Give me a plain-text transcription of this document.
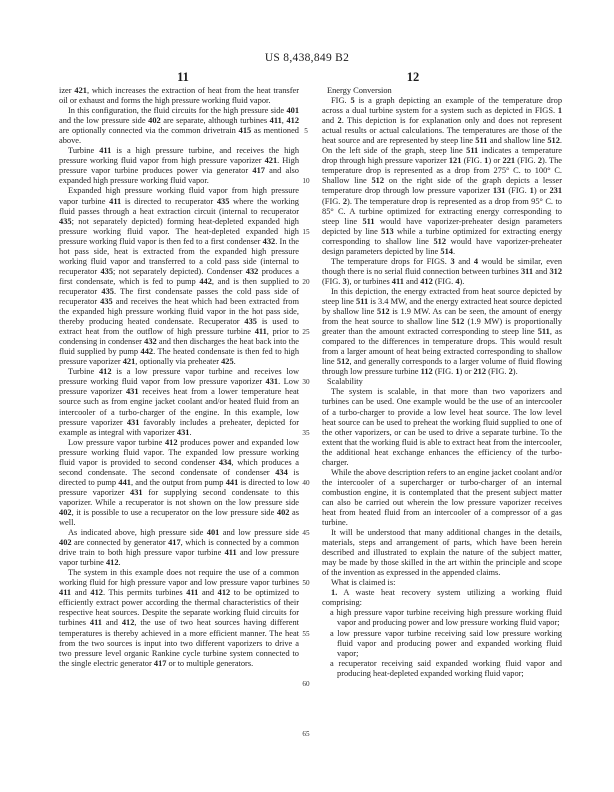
US 8,438,849 B2
11	12
5
10
15
20
25
30
35
40
45
50
55
60
65

izer 421, which increases the extraction of heat from the heat transfer oil or exhaust and forms the high pressure working fluid vapor.

In this configuration, the fluid circuits for the high pressure side 401 and the low pressure side 402 are separate, although turbines 411, 412 are optionally connected via the common drivetrain 415 as mentioned above.

Turbine 411 is a high pressure turbine, and receives the high pressure working fluid vapor from high pressure vaporizer 421. High pressure vapor turbine produces power via generator 417 and also expanded high pressure working fluid vapor.

Expanded high pressure working fluid vapor from high pressure vapor turbine 411 is directed to recuperator 435 where the working fluid passes through a heat extraction circuit (internal to recuperator 435; not separately depicted) forming heat-depleted expanded high pressure working fluid vapor. The heat-depleted expanded high pressure working fluid vapor is then fed to a first condenser 432. In the hot pass side, heat is extracted from the expanded high pressure working fluid vapor and transferred to a cold pass side (internal to recuperator 435; not separately depicted). Condenser 432 produces a first condensate, which is fed to pump 442, and is then supplied to recuperator 435. The first condensate passes the cold pass side of recuperator 435 and receives the heat which had been extracted from the expanded high pressure working fluid vapor in the hot pass side, thereby producing heated condensate. Recuperator 435 is used to extract heat from the outflow of high pressure turbine 411, prior to condensing in condenser 432 and then discharges the heat back into the fluid supplied by pump 442. The heated condensate is then fed to high pressure vaporizer 421, optionally via preheater 425.

Turbine 412 is a low pressure vapor turbine and receives low pressure working fluid vapor from low pressure vaporizer 431. Low pressure vaporizer 431 receives heat from a lower temperature heat source such as from engine jacket coolant and/or heated fluid from an intercooler of a turbo-charger of the engine. In this example, low pressure vaporizer 431 favorably includes a preheater, depicted for example as integral with vaporizer 431.

Low pressure vapor turbine 412 produces power and expanded low pressure working fluid vapor. The expanded low pressure working fluid vapor is provided to second condenser 434, which produces a second condensate. The second condensate of condenser 434 is directed to pump 441, and the output from pump 441 is directed to low pressure vaporizer 431 for supplying second condensate to this vaporizer. While a recuperator is not shown on the low pressure side 402, it is possible to use a recuperator on the low pressure side 402 as well.

As indicated above, high pressure side 401 and low pressure side 402 are connected by generator 417, which is connected by a common drive train to both high pressure vapor turbine 411 and low pressure vapor turbine 412.

The system in this example does not require the use of a common working fluid for high pressure vapor and low pressure vapor turbines 411 and 412. This permits turbines 411 and 412 to be optimized to efficiently extract power according the thermal characteristics of their respective heat sources. Despite the separate working fluid circuits for turbines 411 and 412, the use of two heat sources having different temperatures is thereby achieved in a more efficient manner. The heat from the two sources is input into two different vaporizers to drive a two pressure level organic Rankine cycle turbine system connected to the single electric generator 417 or to multiple generators.

Energy Conversion

FIG. 5 is a graph depicting an example of the temperature drop across a dual turbine system for a system such as depicted in FIGS. 1 and 2. This depiction is for explanation only and does not represent actual results or actual calculations. The temperatures are those of the heat source and are represented by steep line 511 and shallow line 512. On the left side of the graph, steep line 511 indicates a temperature drop through high pressure vaporizer 121 (FIG. 1) or 221 (FIG. 2). The temperature drop is represented as a drop from 275° C. to 100° C. Shallow line 512 on the right side of the graph depicts a lesser temperature drop through low pressure vaporizer 131 (FIG. 1) or 231 (FIG. 2). The temperature drop is represented as a drop from 95° C. to 85° C. A turbine optimized for extracting energy corresponding to steep line 511 would have vaporizer-preheater design parameters depicted by line 513 while a turbine optimized for extracting energy corresponding to shallow line 512 would have vaporizer-preheater design parameters depicted by line 514.

The temperature drops for FIGS. 3 and 4 would be similar, even though there is no serial fluid connection between turbines 311 and 312 (FIG. 3), or turbines 411 and 412 (FIG. 4).

In this depiction, the energy extracted from heat source depicted by steep line 511 is 3.4 MW, and the energy extracted heat source depicted by shallow line 512 is 1.9 MW. As can be seen, the amount of energy from the heat source to shallow line 512 (1.9 MW) is proportionally greater than the amount extracted corresponding to steep line 511, as compared to the differences in temperature drops. This would result from a larger amount of heat being extracted corresponding to shallow line 512, and generally corresponds to a larger volume of fluid flowing through low pressure turbine 112 (FIG. 1) or 212 (FIG. 2).

Scalability

The system is scalable, in that more than two vaporizers and turbines can be used. One example would be the use of an intercooler of a turbo-charger to provide a low level heat source. The low level heat source can be used to preheat the working fluid supplied to one of the other vaporizers, or can be used to drive a separate turbine. To the extent that the working fluid is able to extract heat from the intercooler, the additional heat exchange enhances the efficiency of the turbo-charger.

While the above description refers to an engine jacket coolant and/or the intercooler of a supercharger or turbo-charger of an internal combustion engine, it is contemplated that the present subject matter can also be carried out wherein the low pressure vaporizer receives heat from heated fluid from an intercooler of a compressor of a gas turbine.

It will be understood that many additional changes in the details, materials, steps and arrangement of parts, which have been herein described and illustrated to explain the nature of the subject matter, may be made by those skilled in the art within the principle and scope of the invention as expressed in the appended claims.

What is claimed is:

1. A waste heat recovery system utilizing a working fluid comprising:

a high pressure vapor turbine receiving high pressure working fluid vapor and producing power and low pressure working fluid vapor;

a low pressure vapor turbine receiving said low pressure working fluid vapor and producing power and expanded working fluid vapor;

a recuperator receiving said expanded working fluid vapor and producing heat-depleted expanded working fluid vapor;
